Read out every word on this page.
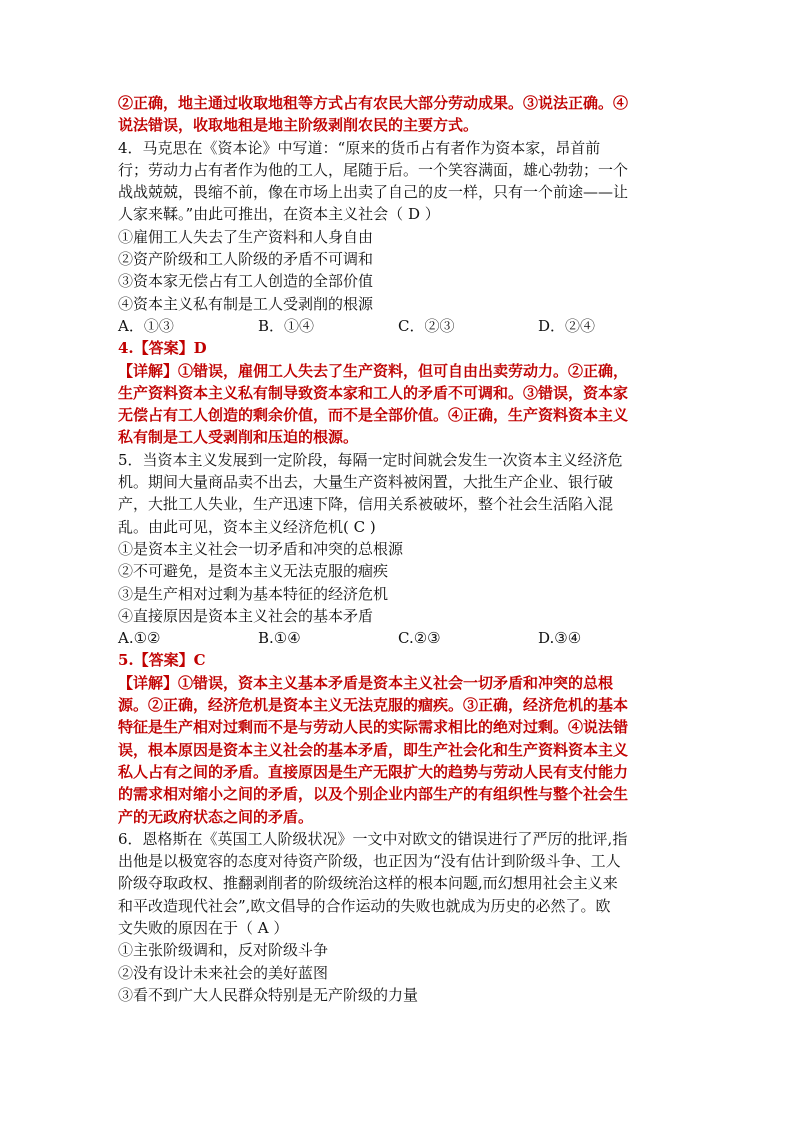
②正确，地主通过收取地租等方式占有农民大部分劳动成果。③说法正确。④
说法错误，收取地租是地主阶级剥削农民的主要方式。
4．马克思在《资本论》中写道：“原来的货币占有者作为资本家，昂首前
行；劳动力占有者作为他的工人，尾随于后。一个笑容满面，雄心勃勃；一个
战战兢兢，畏缩不前，像在市场上出卖了自己的皮一样，只有一个前途——让
人家来鞣。”由此可推出，在资本主义社会（ D ）
①雇佣工人失去了生产资料和人身自由
②资产阶级和工人阶级的矛盾不可调和
③资本家无偿占有工人创造的全部价值
④资本主义私有制是工人受剥削的根源
A．①③	B．①④	C．②③	D．②④
4.【答案】D
【详解】①错误，雇佣工人失去了生产资料，但可自由出卖劳动力。②正确，
生产资料资本主义私有制导致资本家和工人的矛盾不可调和。③错误，资本家
无偿占有工人创造的剩余价值，而不是全部价值。④正确，生产资料资本主义
私有制是工人受剥削和压迫的根源。
5．当资本主义发展到一定阶段，每隔一定时间就会发生一次资本主义经济危
机。期间大量商品卖不出去，大量生产资料被闲置，大批生产企业、银行破
产，大批工人失业，生产迅速下降，信用关系被破坏，整个社会生活陷入混
乱。由此可见，资本主义经济危机( C )
①是资本主义社会一切矛盾和冲突的总根源
②不可避免，是资本主义无法克服的痼疾
③是生产相对过剩为基本特征的经济危机
④直接原因是资本主义社会的基本矛盾
A.①②	B.①④	C.②③	D.③④
5.【答案】C
【详解】①错误，资本主义基本矛盾是资本主义社会一切矛盾和冲突的总根
源。②正确，经济危机是资本主义无法克服的痼疾。③正确，经济危机的基本
特征是生产相对过剩而不是与劳动人民的实际需求相比的绝对过剩。④说法错
误，根本原因是资本主义社会的基本矛盾，即生产社会化和生产资料资本主义
私人占有之间的矛盾。直接原因是生产无限扩大的趋势与劳动人民有支付能力
的需求相对缩小之间的矛盾，以及个别企业内部生产的有组织性与整个社会生
产的无政府状态之间的矛盾。
6．恩格斯在《英国工人阶级状况》一文中对欧文的错误进行了严厉的批评,指
出他是以极宽容的态度对待资产阶级，也正因为“没有估计到阶级斗争、工人
阶级夺取政权、推翻剥削者的阶级统治这样的根本问题,而幻想用社会主义来
和平改造现代社会”,欧文倡导的合作运动的失败也就成为历史的必然了。欧
文失败的原因在于（ A ）
①主张阶级调和，反对阶级斗争
②没有设计未来社会的美好蓝图
③看不到广大人民群众特别是无产阶级的力量
